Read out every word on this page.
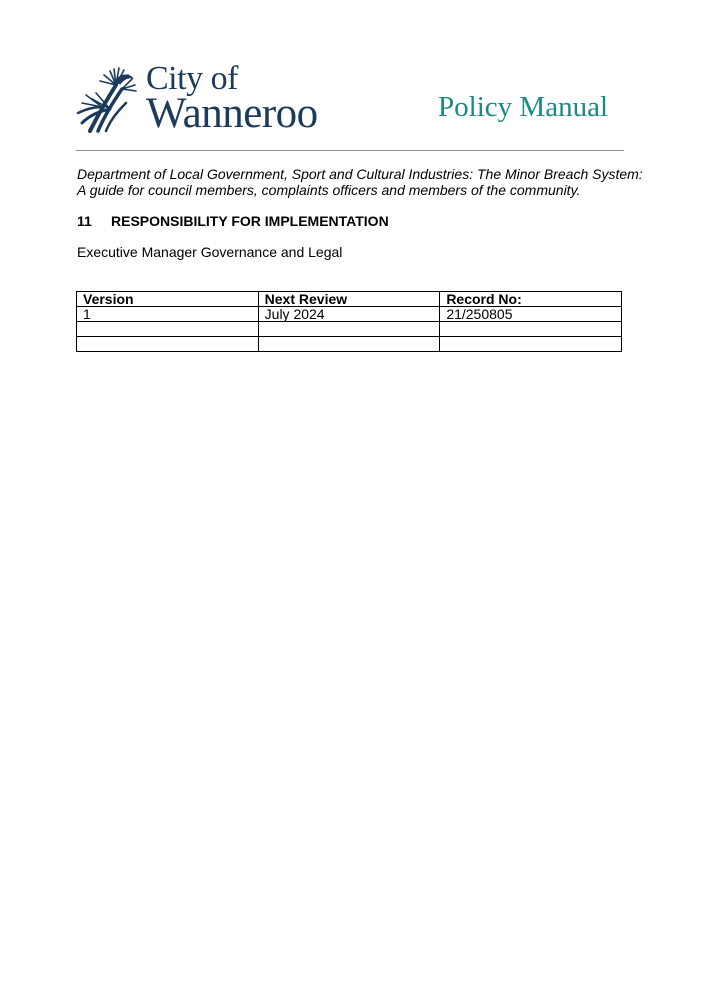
City of
Wanneroo	Policy Manual
Department of Local Government, Sport and Cultural Industries: The Minor Breach System:
A guide for council members, complaints officers and members of the community.
11 RESPONSIBILITY FOR IMPLEMENTATION
Executive Manager Governance and Legal
Version	Next Review	Record No:
1	July 2024	21/250805
